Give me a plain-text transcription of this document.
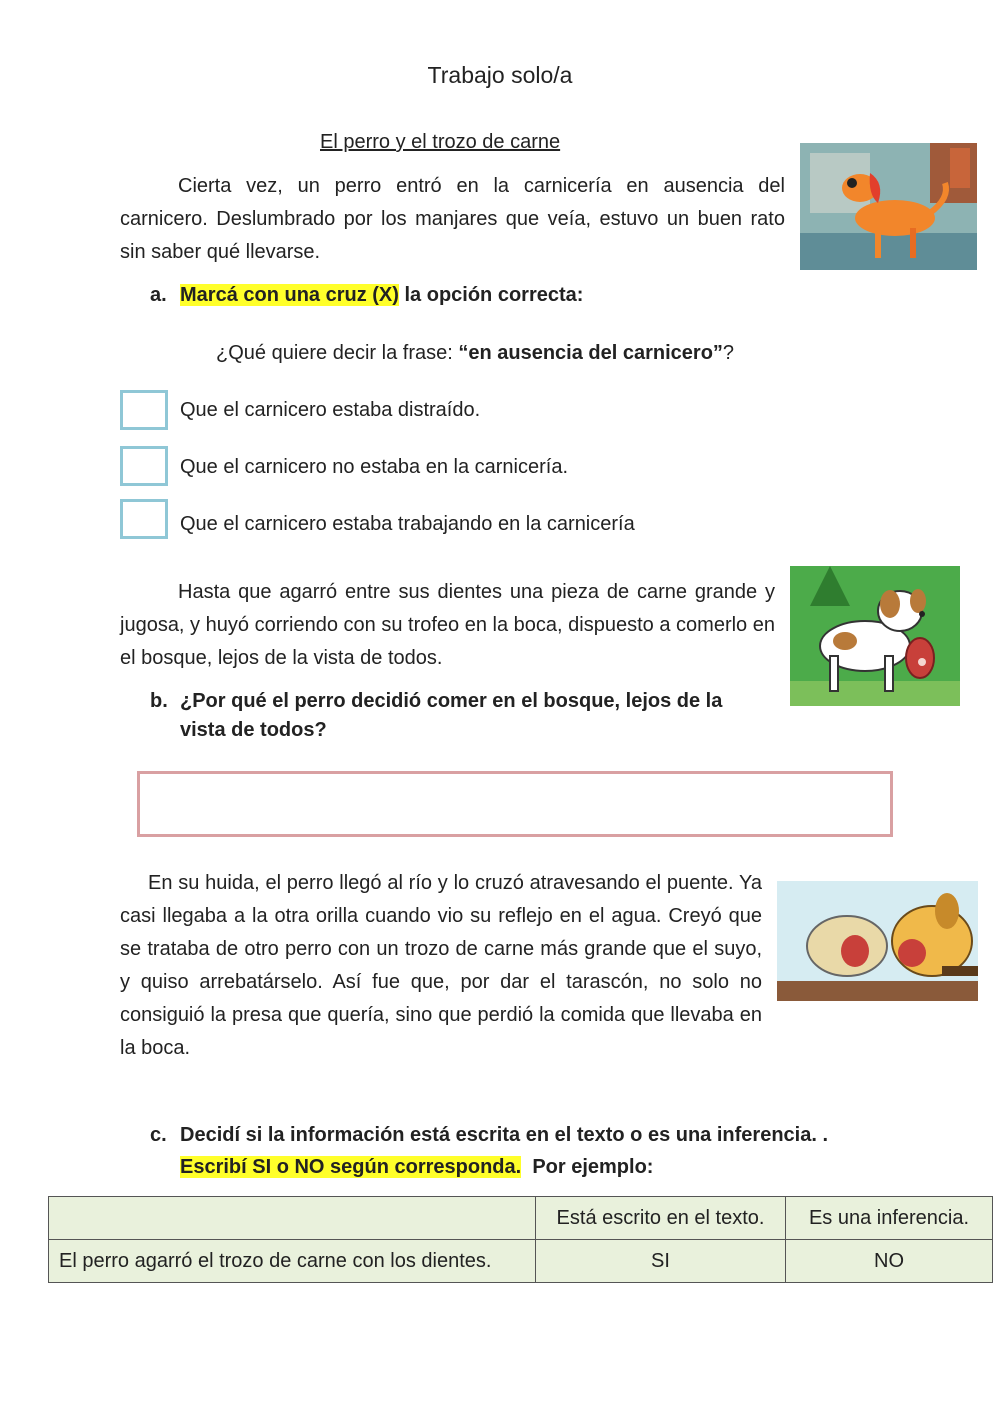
Trabajo solo/a
El perro y el trozo de carne

Cierta vez, un perro entró en la carnicería en ausencia del carnicero. Deslumbrado por los manjares que veía, estuvo un buen rato sin saber qué llevarse.

a. Marcá con una cruz (X) la opción correcta:
¿Qué quiere decir la frase: “en ausencia del carnicero”?
Que el carnicero estaba distraído.
Que el carnicero no estaba en la carnicería.
Que el carnicero estaba trabajando en la carnicería

Hasta que agarró entre sus dientes una pieza de carne grande y jugosa, y huyó corriendo con su trofeo en la boca, dispuesto a comerlo en el bosque, lejos de la vista de todos.

b. ¿Por qué el perro decidió comer en el bosque, lejos de la
vista de todos?

En su huida, el perro llegó al río y lo cruzó atravesando el puente. Ya casi llegaba a la otra orilla cuando vio su reflejo en el agua. Creyó que se trataba de otro perro con un trozo de carne más grande que el suyo, y quiso arrebatárselo. Así fue que, por dar el tarascón, no solo no consiguió la presa que quería, sino que perdió la comida que llevaba en la boca.

c. Decidí si la información está escrita en el texto o es una inferencia. .
Escribí SI o NO según corresponda.  Por ejemplo:
	Está escrito en el texto.	Es una inferencia.
El perro agarró el trozo de carne con los dientes.	SI	NO
